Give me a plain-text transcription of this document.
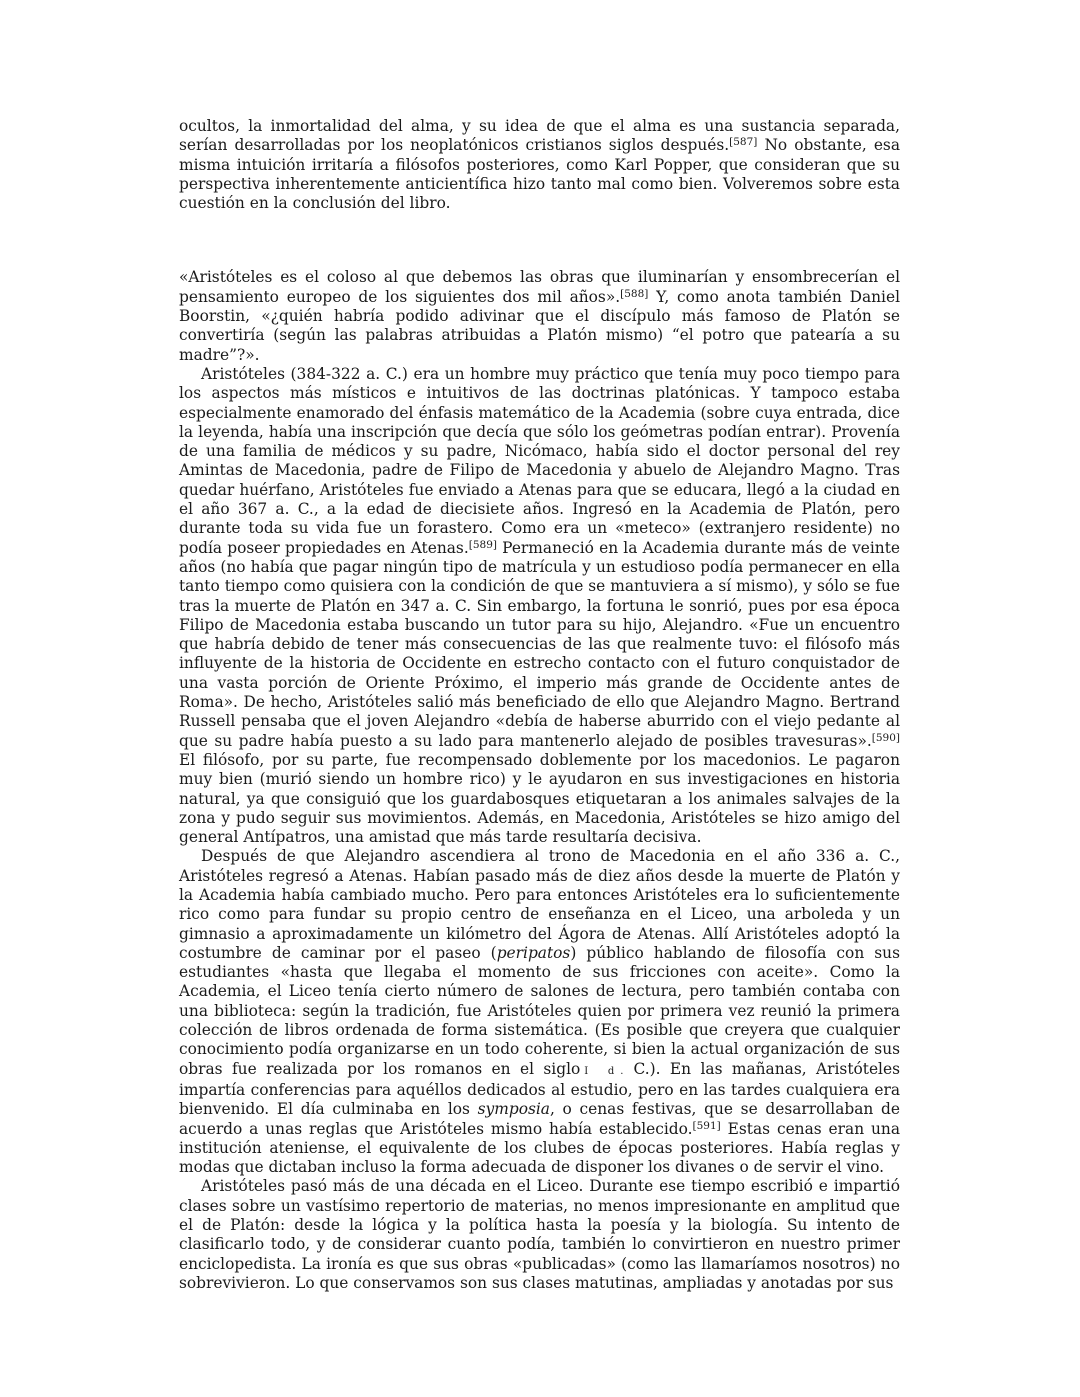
ocultos, la inmortalidad del alma, y su idea de que el alma es una sustancia separada, serían desarrolladas por los neoplatónicos cristianos siglos después.[587] No obstante, esa misma intuición irritaría a filósofos posteriores, como Karl Popper, que consideran que su perspectiva inherentemente anticientífica hizo tanto mal como bien. Volveremos sobre esta cuestión en la conclusión del libro.

«Aristóteles es el coloso al que debemos las obras que iluminarían y ensombrecerían el pensamiento europeo de los siguientes dos mil años».[588] Y, como anota también Daniel Boorstin, «¿quién habría podido adivinar que el discípulo más famoso de Platón se convertiría (según las palabras atribuidas a Platón mismo) “el potro que patearía a su madre”?».

Aristóteles (384-322 a. C.) era un hombre muy práctico que tenía muy poco tiempo para los aspectos más místicos e intuitivos de las doctrinas platónicas. Y tampoco estaba especialmente enamorado del énfasis matemático de la Academia (sobre cuya entrada, dice la leyenda, había una inscripción que decía que sólo los geómetras podían entrar). Provenía de una familia de médicos y su padre, Nicómaco, había sido el doctor personal del rey Amintas de Macedonia, padre de Filipo de Macedonia y abuelo de Alejandro Magno. Tras quedar huérfano, Aristóteles fue enviado a Atenas para que se educara, llegó a la ciudad en el año 367 a. C., a la edad de diecisiete años. Ingresó en la Academia de Platón, pero durante toda su vida fue un forastero. Como era un «meteco» (extranjero residente) no podía poseer propiedades en Atenas.[589] Permaneció en la Academia durante más de veinte años (no había que pagar ningún tipo de matrícula y un estudioso podía permanecer en ella tanto tiempo como quisiera con la condición de que se mantuviera a sí mismo), y sólo se fue tras la muerte de Platón en 347 a. C. Sin embargo, la fortuna le sonrió, pues por esa época Filipo de Macedonia estaba buscando un tutor para su hijo, Alejandro. «Fue un encuentro que habría debido de tener más consecuencias de las que realmente tuvo: el filósofo más influyente de la historia de Occidente en estrecho contacto con el futuro conquistador de una vasta porción de Oriente Próximo, el imperio más grande de Occidente antes de Roma». De hecho, Aristóteles salió más beneficiado de ello que Alejandro Magno. Bertrand Russell pensaba que el joven Alejandro «debía de haberse aburrido con el viejo pedante al que su padre había puesto a su lado para mantenerlo alejado de posibles travesuras».[590] El filósofo, por su parte, fue recompensado doblemente por los macedonios. Le pagaron muy bien (murió siendo un hombre rico) y le ayudaron en sus investigaciones en historia natural, ya que consiguió que los guardabosques etiquetaran a los animales salvajes de la zona y pudo seguir sus movimientos. Además, en Macedonia, Aristóteles se hizo amigo del general Antípatros, una amistad que más tarde resultaría decisiva.

Después de que Alejandro ascendiera al trono de Macedonia en el año 336 a. C., Aristóteles regresó a Atenas. Habían pasado más de diez años desde la muerte de Platón y la Academia había cambiado mucho. Pero para entonces Aristóteles era lo suficientemente rico como para fundar su propio centro de enseñanza en el Liceo, una arboleda y un gimnasio a aproximadamente un kilómetro del Ágora de Atenas. Allí Aristóteles adoptó la costumbre de caminar por el paseo (peripatos) público hablando de filosofía con sus estudiantes «hasta que llegaba el momento de sus fricciones con aceite». Como la Academia, el Liceo tenía cierto número de salones de lectura, pero también contaba con una biblioteca: según la tradición, fue Aristóteles quien por primera vez reunió la primera colección de libros ordenada de forma sistemática. (Es posible que creyera que cualquier conocimiento podía organizarse en un todo coherente, si bien la actual organización de sus obras fue realizada por los romanos en el siglo I d. C.). En las mañanas, Aristóteles impartía conferencias para aquéllos dedicados al estudio, pero en las tardes cualquiera era bienvenido. El día culminaba en los symposia, o cenas festivas, que se desarrollaban de acuerdo a unas reglas que Aristóteles mismo había establecido.[591] Estas cenas eran una institución ateniense, el equivalente de los clubes de épocas posteriores. Había reglas y modas que dictaban incluso la forma adecuada de disponer los divanes o de servir el vino.

Aristóteles pasó más de una década en el Liceo. Durante ese tiempo escribió e impartió clases sobre un vastísimo repertorio de materias, no menos impresionante en amplitud que el de Platón: desde la lógica y la política hasta la poesía y la biología. Su intento de clasificarlo todo, y de considerar cuanto podía, también lo convirtieron en nuestro primer enciclopedista. La ironía es que sus obras «publicadas» (como las llamaríamos nosotros) no sobrevivieron. Lo que conservamos son sus clases matutinas, ampliadas y anotadas por sus
